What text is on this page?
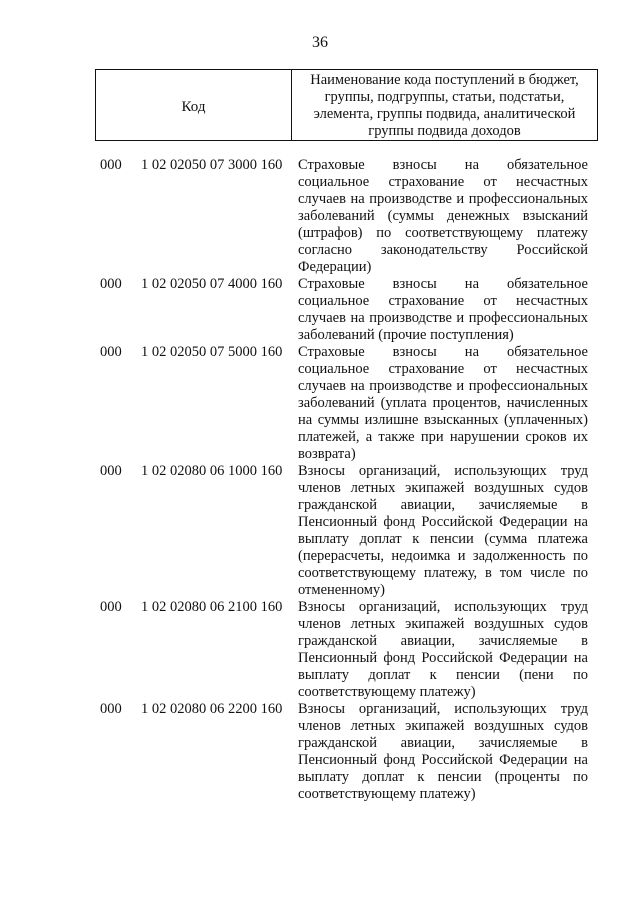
36
Код
Наименование кода поступлений в бюджет, группы, подгруппы, статьи, подстатьи, элемента, группы подвида, аналитической группы подвида доходов
000 1 02 02050 07 3000 160 Страховые взносы на обязательное социальное страхование от несчастных случаев на производстве и профессиональных заболеваний (суммы денежных взысканий (штрафов) по соответствующему платежу согласно законодательству Российской Федерации)
000 1 02 02050 07 4000 160 Страховые взносы на обязательное социальное страхование от несчастных случаев на производстве и профессиональных заболеваний (прочие поступления)
000 1 02 02050 07 5000 160 Страховые взносы на обязательное социальное страхование от несчастных случаев на производстве и профессиональных заболеваний (уплата процентов, начисленных на суммы излишне взысканных (уплаченных) платежей, а также при нарушении сроков их возврата)
000 1 02 02080 06 1000 160 Взносы организаций, использующих труд членов летных экипажей воздушных судов гражданской авиации, зачисляемые в Пенсионный фонд Российской Федерации на выплату доплат к пенсии (сумма платежа (перерасчеты, недоимка и задолженность по соответствующему платежу, в том числе по отмененному)
000 1 02 02080 06 2100 160 Взносы организаций, использующих труд членов летных экипажей воздушных судов гражданской авиации, зачисляемые в Пенсионный фонд Российской Федерации на выплату доплат к пенсии (пени по соответствующему платежу)
000 1 02 02080 06 2200 160 Взносы организаций, использующих труд членов летных экипажей воздушных судов гражданской авиации, зачисляемые в Пенсионный фонд Российской Федерации на выплату доплат к пенсии (проценты по соответствующему платежу)
